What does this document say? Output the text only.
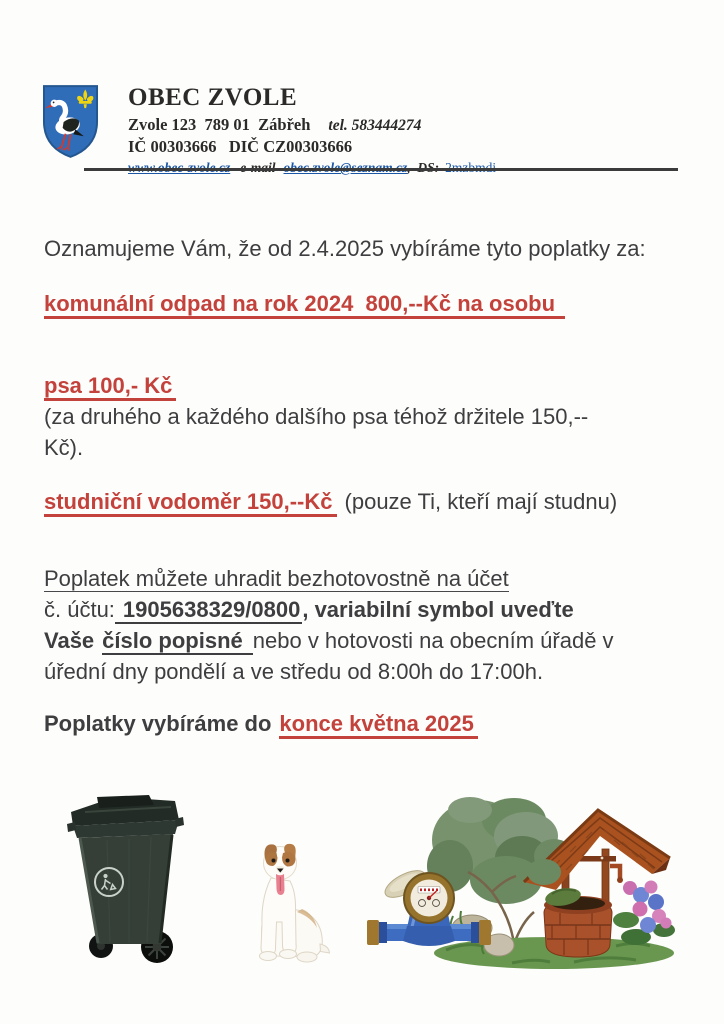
OBEC ZVOLE
Zvole 123  789 01  Zábřeh tel. 583444274
IČ 00303666   DIČ CZ00303666

Oznamujeme Vám, že od 2.4.2025 vybíráme tyto poplatky za:

komunální odpad na rok 2024  800,--Kč na osobu

psa 100,- Kč

(za druhého a každého dalšího psa téhož držitele 150,--
Kč).

studniční vodoměr 150,--Kč (pouze Ti, kteří mají studnu)

Poplatek můžete uhradit bezhotovostně na účet
č. účtu: 1905638329/0800, variabilní symbol uveďte
Vaše číslo popisné nebo v hotovosti na obecním úřadě v
úřední dny pondělí a ve středu od 8:00h do 17:00h.

Poplatky vybíráme do konce května 2025
